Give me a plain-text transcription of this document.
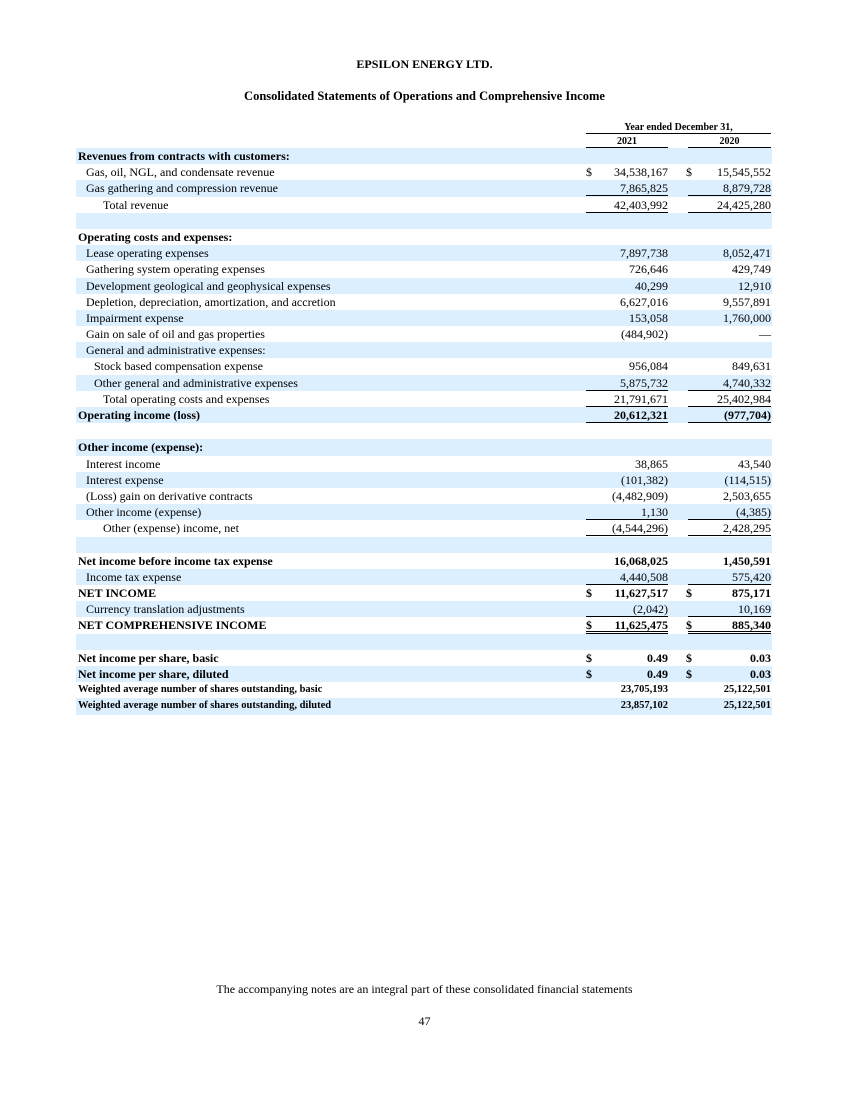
EPSILON ENERGY LTD.
Consolidated Statements of Operations and Comprehensive Income
Year ended December 31,
2021	2020
Revenues from contracts with customers:
Gas, oil, NGL, and condensate revenue	$	34,538,167 $	15,545,552
Gas gathering and compression revenue	7,865,825	8,879,728
Total revenue	42,403,992	24,425,280
Operating costs and expenses:
Lease operating expenses	7,897,738	8,052,471
Gathering system operating expenses	726,646	429,749
Development geological and geophysical expenses	40,299	12,910
Depletion, depreciation, amortization, and accretion	6,627,016	9,557,891
Impairment expense	153,058	1,760,000
Gain on sale of oil and gas properties	(484,902)	—
General and administrative expenses:
Stock based compensation expense	956,084	849,631
Other general and administrative expenses	5,875,732	4,740,332
Total operating costs and expenses	21,791,671	25,402,984
Operating income (loss)	20,612,321	(977,704)
Other income (expense):
Interest income	38,865	43,540
Interest expense	(101,382)	(114,515)
(Loss) gain on derivative contracts	(4,482,909)	2,503,655
Other income (expense)	1,130	(4,385)
Other (expense) income, net	(4,544,296)	2,428,295
Net income before income tax expense	16,068,025	1,450,591
Income tax expense	4,440,508	575,420
NET INCOME	$	11,627,517 $	875,171
Currency translation adjustments	(2,042)	10,169
NET COMPREHENSIVE INCOME	$	11,625,475 $	885,340
Net income per share, basic	$	0.49 $	0.03
Net income per share, diluted	$	0.49 $	0.03
Weighted average number of shares outstanding, basic	23,705,193	25,122,501
Weighted average number of shares outstanding, diluted	23,857,102	25,122,501
The accompanying notes are an integral part of these consolidated financial statements
47
